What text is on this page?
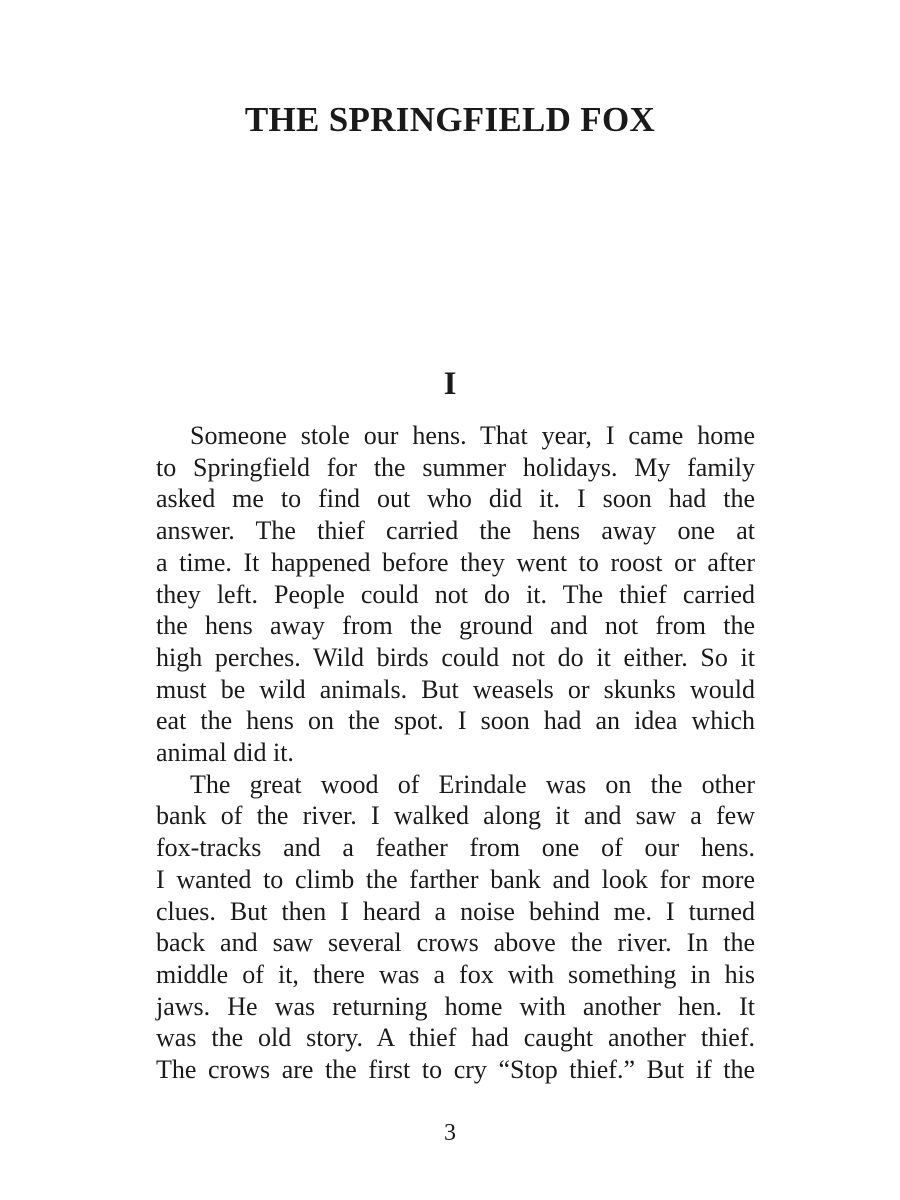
THE SPRINGFIELD FOX
I
Someone stole our hens. That year, I came home
to Springfield for the summer holidays. My family
asked me to find out who did it. I soon had the
answer. The thief carried the hens away one at
a time. It happened before they went to roost or after
they left. People could not do it. The thief carried
the hens away from the ground and not from the
high perches. Wild birds could not do it either. So it
must be wild animals. But weasels or skunks would
eat the hens on the spot. I soon had an idea which
animal did it.
The great wood of Erindale was on the other
bank of the river. I walked along it and saw a few
fox-tracks and a feather from one of our hens.
I wanted to climb the farther bank and look for more
clues. But then I heard a noise behind me. I turned
back and saw several crows above the river. In the
middle of it, there was a fox with something in his
jaws. He was returning home with another hen. It
was the old story. A thief had caught another thief.
The crows are the first to cry “Stop thief.” But if the
3
